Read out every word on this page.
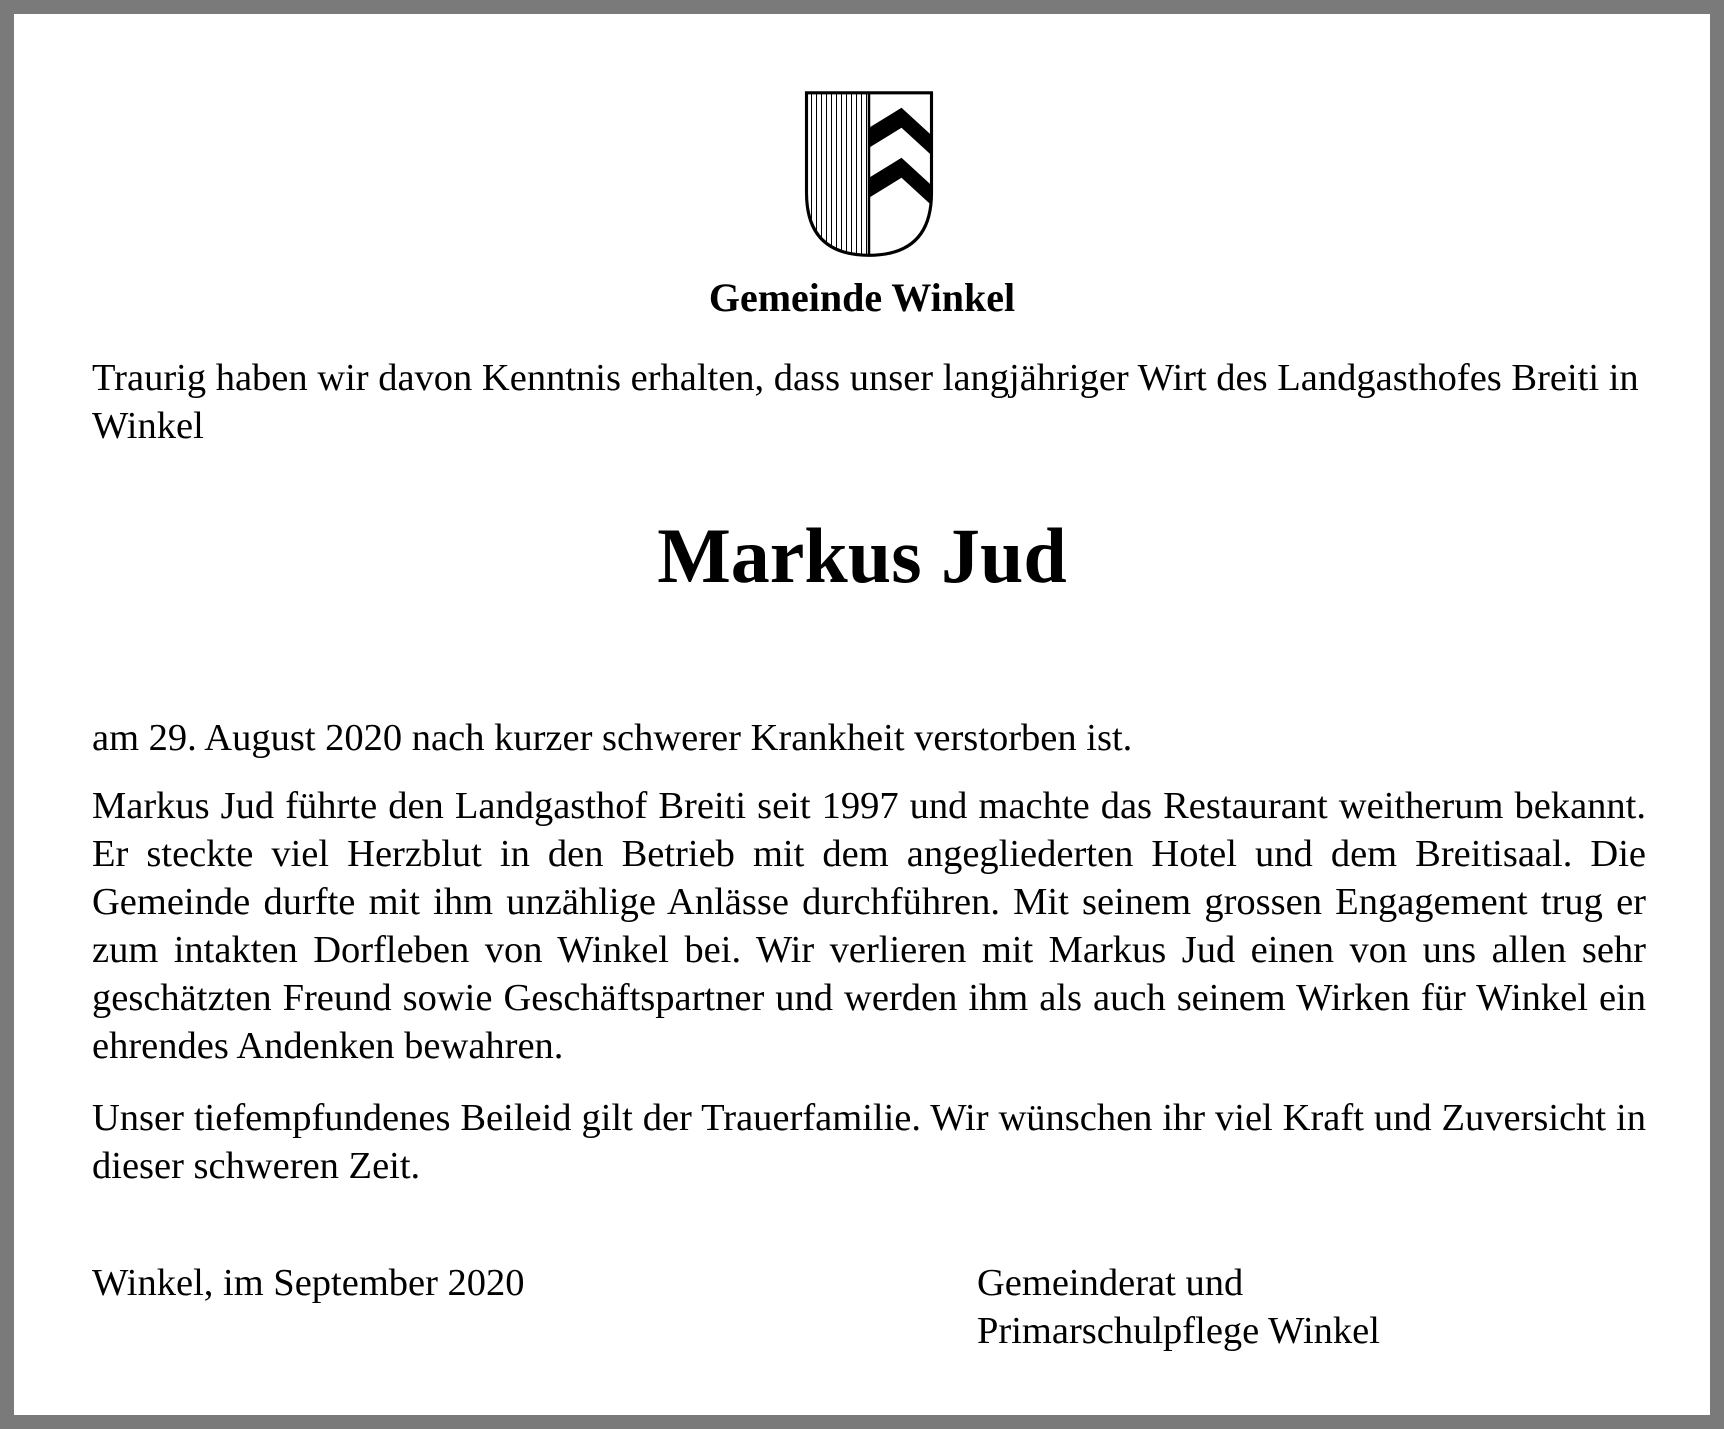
Gemeinde Winkel

Traurig haben wir davon Kenntnis erhalten, dass unser langjähriger Wirt des Landgasthofes Breiti in Winkel

Markus Jud

am 29. August 2020 nach kurzer schwerer Krankheit verstorben ist.

Markus Jud führte den Landgasthof Breiti seit 1997 und machte das Restaurant weitherum bekannt. Er steckte viel Herzblut in den Betrieb mit dem angegliederten Hotel und dem Breitisaal. Die Gemeinde durfte mit ihm unzählige Anlässe durchführen. Mit seinem grossen Engagement trug er zum intakten Dorfleben von Winkel bei. Wir verlieren mit Markus Jud einen von uns allen sehr geschätzten Freund sowie Geschäftspartner und werden ihm als auch seinem Wirken für Winkel ein ehrendes Andenken bewahren.

Unser tiefempfundenes Beileid gilt der Trauerfamilie. Wir wünschen ihr viel Kraft und Zuversicht in dieser schweren Zeit.

Winkel, im September 2020	Gemeinderat und
Primarschulpflege Winkel
